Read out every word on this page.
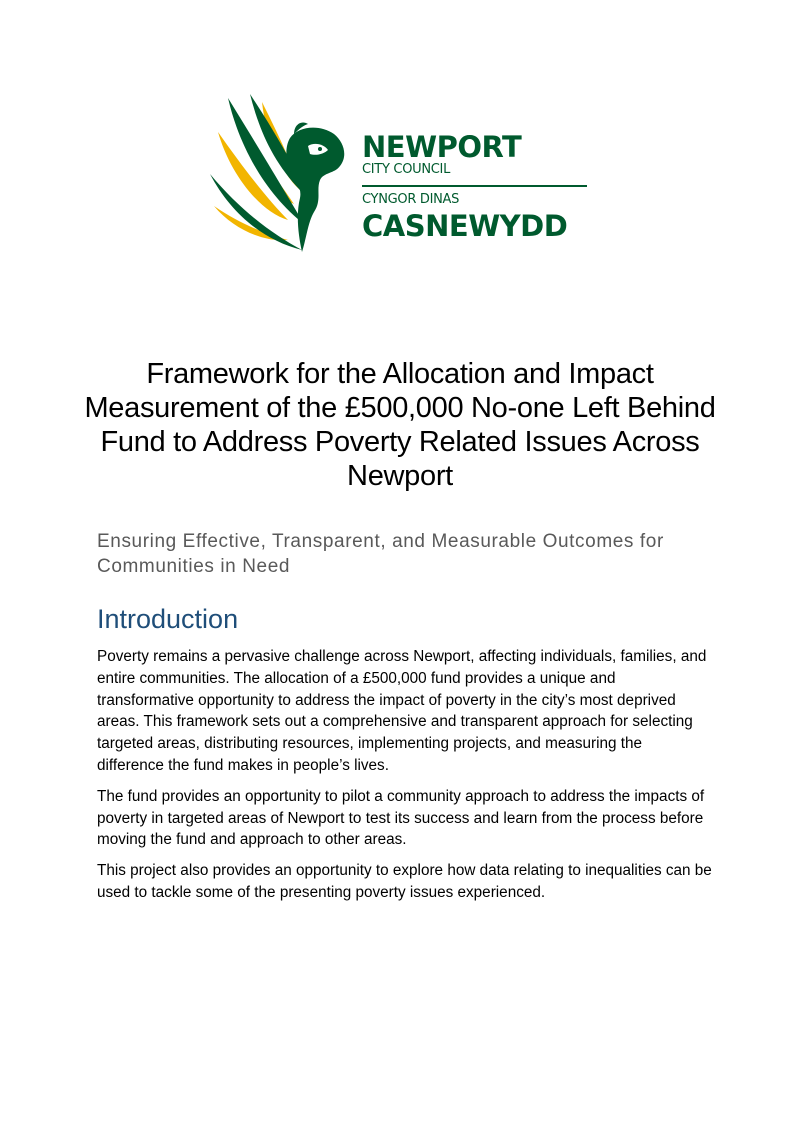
NEWPORT
CITY COUNCIL
CYNGOR DINAS
CASNEWYDD
Framework for the Allocation and Impact Measurement of the £500,000 No-one Left Behind Fund to Address Poverty Related Issues Across Newport
Ensuring Effective, Transparent, and Measurable Outcomes for Communities in Need
Introduction

Poverty remains a pervasive challenge across Newport, affecting individuals, families, and entire communities. The allocation of a £500,000 fund provides a unique and transformative opportunity to address the impact of poverty in the city’s most deprived areas. This framework sets out a comprehensive and transparent approach for selecting targeted areas, distributing resources, implementing projects, and measuring the difference the fund makes in people’s lives.

The fund provides an opportunity to pilot a community approach to address the impacts of poverty in targeted areas of Newport to test its success and learn from the process before moving the fund and approach to other areas.

This project also provides an opportunity to explore how data relating to inequalities can be used to tackle some of the presenting poverty issues experienced.
